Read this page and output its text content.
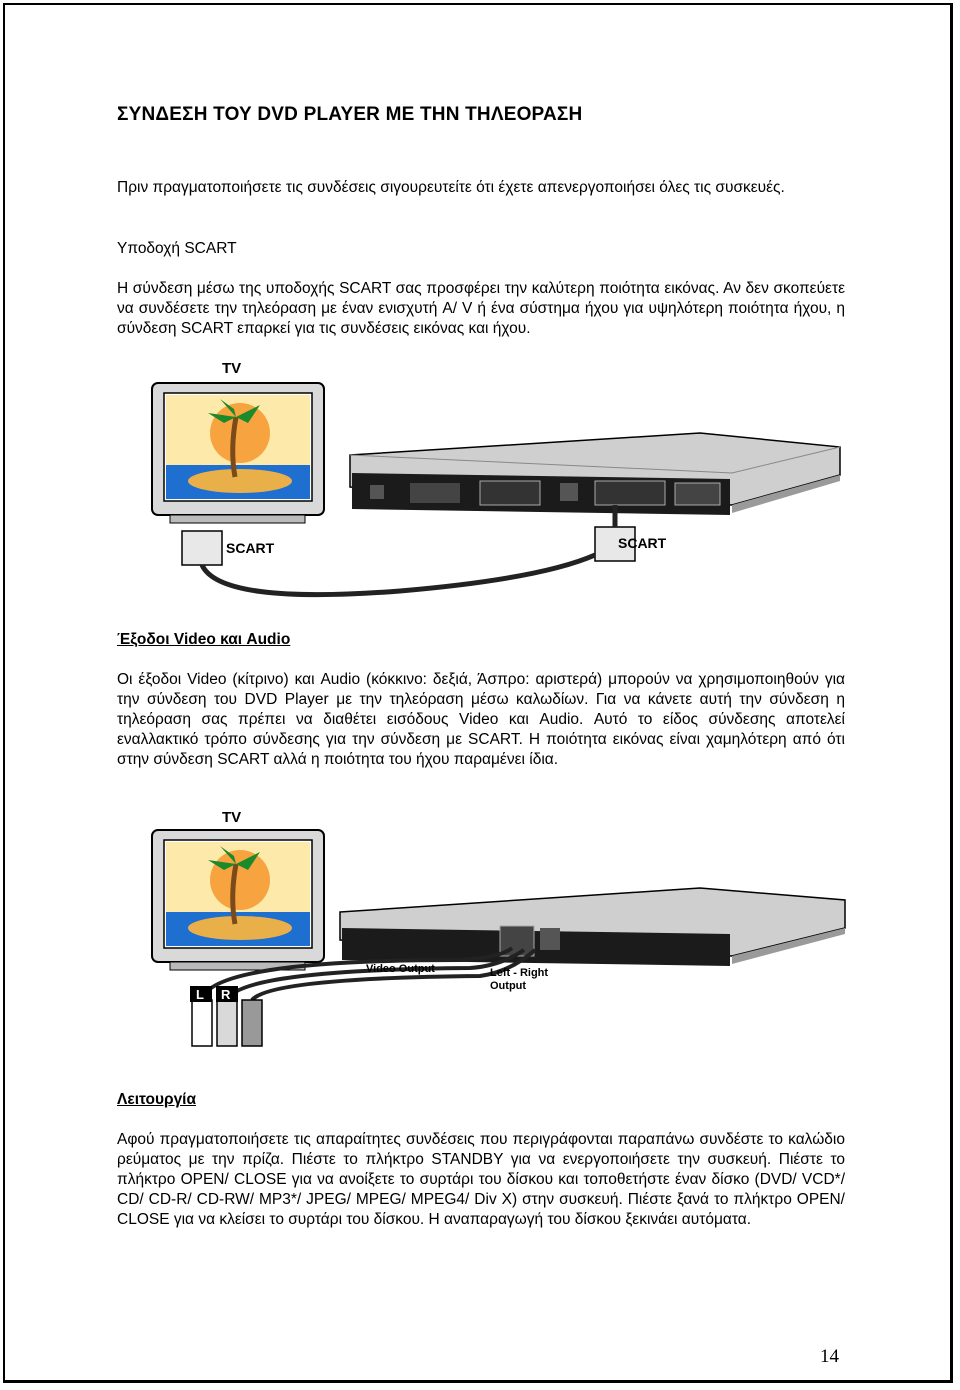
ΣΥΝΔΕΣΗ ΤΟΥ DVD PLAYER ΜΕ ΤΗΝ ΤΗΛΕΟΡΑΣΗ

Πριν πραγματοποιήσετε τις συνδέσεις σιγουρευτείτε ότι έχετε απενεργοποιήσει όλες τις συσκευές.

Υποδοχή SCART

Η σύνδεση μέσω της υποδοχής SCART σας προσφέρει την καλύτερη ποιότητα εικόνας. Αν δεν σκοπεύετε να συνδέσετε την τηλεόραση με έναν ενισχυτή A/ V ή ένα σύστημα ήχου για υψηλότερη ποιότητα ήχου, η σύνδεση SCART επαρκεί για τις συνδέσεις εικόνας και ήχου.

TV
SCART	SCART

Έξοδοι Video και Audio

Οι έξοδοι Video (κίτρινο) και Audio (κόκκινο: δεξιά, Άσπρο: αριστερά) μπορούν να χρησιμοποιηθούν για την σύνδεση του DVD Player με την τηλεόραση μέσω καλωδίων. Για να κάνετε αυτή την σύνδεση η τηλεόραση σας πρέπει να διαθέτει εισόδους Video και Audio. Αυτό το είδος σύνδεσης αποτελεί εναλλακτικό τρόπο σύνδεσης για την σύνδεση με SCART. Η ποιότητα εικόνας είναι χαμηλότερη από ότι στην σύνδεση SCART αλλά η ποιότητα του ήχου παραμένει ίδια.

TV
L R
Video Output	Left - Right
Output

Λειτουργία

Αφού πραγματοποιήσετε τις απαραίτητες συνδέσεις που περιγράφονται παραπάνω συνδέστε το καλώδιο ρεύματος με την πρίζα. Πιέστε το πλήκτρο STANDBY για να ενεργοποιήσετε την συσκευή. Πιέστε το πλήκτρο OPEN/ CLOSE για να ανοίξετε το συρτάρι του δίσκου και τοποθετήστε έναν δίσκο (DVD/ VCD*/ CD/ CD-R/ CD-RW/ MP3*/ JPEG/ MPEG/ MPEG4/ Div X) στην συσκευή. Πιέστε ξανά το πλήκτρο OPEN/ CLOSE για να κλείσει το συρτάρι του δίσκου. Η αναπαραγωγή του δίσκου ξεκινάει αυτόματα.

14
